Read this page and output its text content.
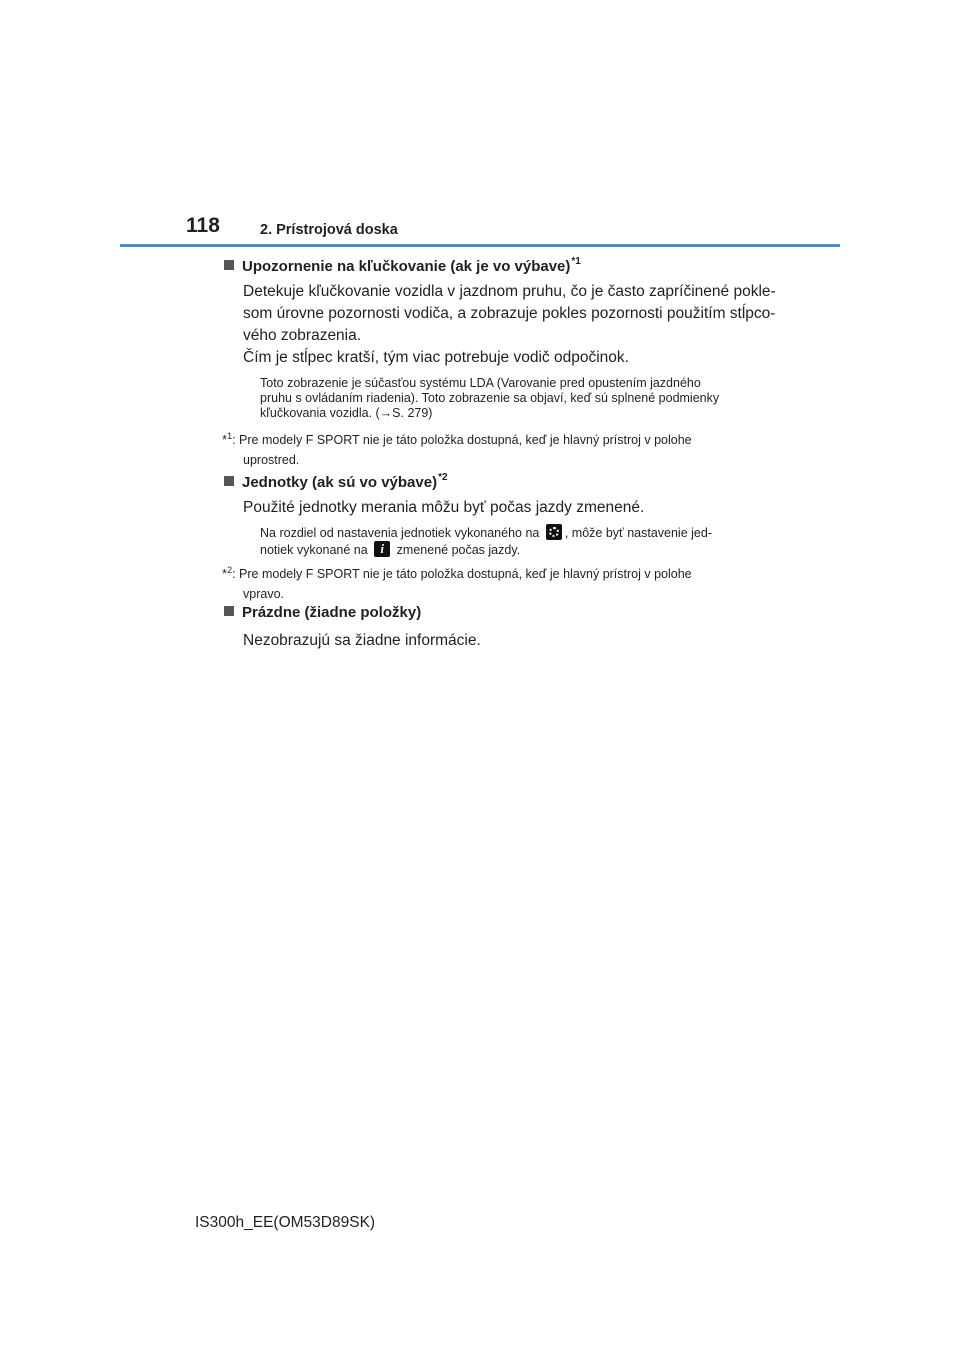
118	2. Prístrojová doska
Upozornenie na kľučkovanie (ak je vo výbave)$^{*1}$
Detekuje kľučkovanie vozidla v jazdnom pruhu, čo je často zapríčinené pokle-
som úrovne pozornosti vodiča, a zobrazuje pokles pozornosti použitím stĺpco-
vého zobrazenia.
Čím je stĺpec kratší, tým viac potrebuje vodič odpočinok.
Toto zobrazenie je súčasťou systému LDA (Varovanie pred opustením jazdného
pruhu s ovládaním riadenia). Toto zobrazenie sa objaví, keď sú splnené podmienky
kľučkovania vozidla. (→S. 279)
*$^1$: Pre modely F SPORT nie je táto položka dostupná, keď je hlavný prístroj v polohe
uprostred.
Jednotky (ak sú vo výbave)$^{*2}$
Použité jednotky merania môžu byť počas jazdy zmenené.
Na rozdiel od nastavenia jednotiek vykonaného na
, môže byť nastavenie jed-
notiek vykonané na i zmenené počas jazdy.
*$^2$: Pre modely F SPORT nie je táto položka dostupná, keď je hlavný prístroj v polohe
vpravo.
Prázdne (žiadne položky)
Nezobrazujú sa žiadne informácie.
IS300h_EE(OM53D89SK)
